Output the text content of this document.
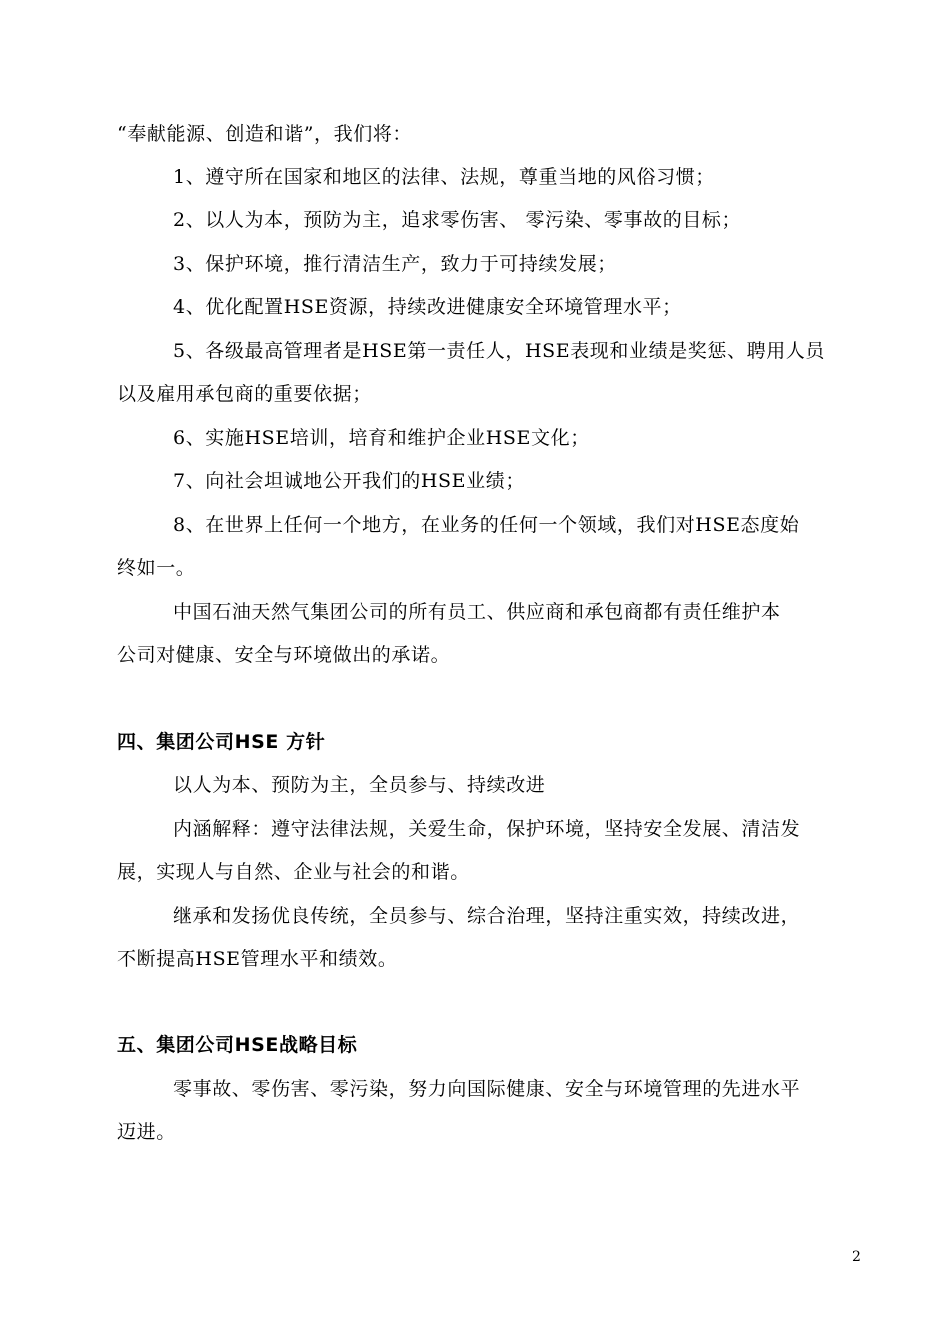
“奉献能源、创造和谐”，我们将：
1、遵守所在国家和地区的法律、法规，尊重当地的风俗习惯；
2、以人为本，预防为主，追求零伤害、 零污染、零事故的目标；
3、保护环境，推行清洁生产，致力于可持续发展；
4、优化配置HSE资源，持续改进健康安全环境管理水平；
5、各级最高管理者是HSE第一责任人，HSE表现和业绩是奖惩、聘用人员
以及雇用承包商的重要依据；
6、实施HSE培训，培育和维护企业HSE文化；
7、向社会坦诚地公开我们的HSE业绩；
8、在世界上任何一个地方，在业务的任何一个领域，我们对HSE态度始
终如一。
中国石油天然气集团公司的所有员工、供应商和承包商都有责任维护本
公司对健康、安全与环境做出的承诺。
四、集团公司HSE 方针
以人为本、预防为主，全员参与、持续改进
内涵解释：遵守法律法规，关爱生命，保护环境，坚持安全发展、清洁发
展，实现人与自然、企业与社会的和谐。
继承和发扬优良传统，全员参与、综合治理，坚持注重实效，持续改进，
不断提高HSE管理水平和绩效。
五、集团公司HSE战略目标
零事故、零伤害、零污染，努力向国际健康、安全与环境管理的先进水平
迈进。
2
